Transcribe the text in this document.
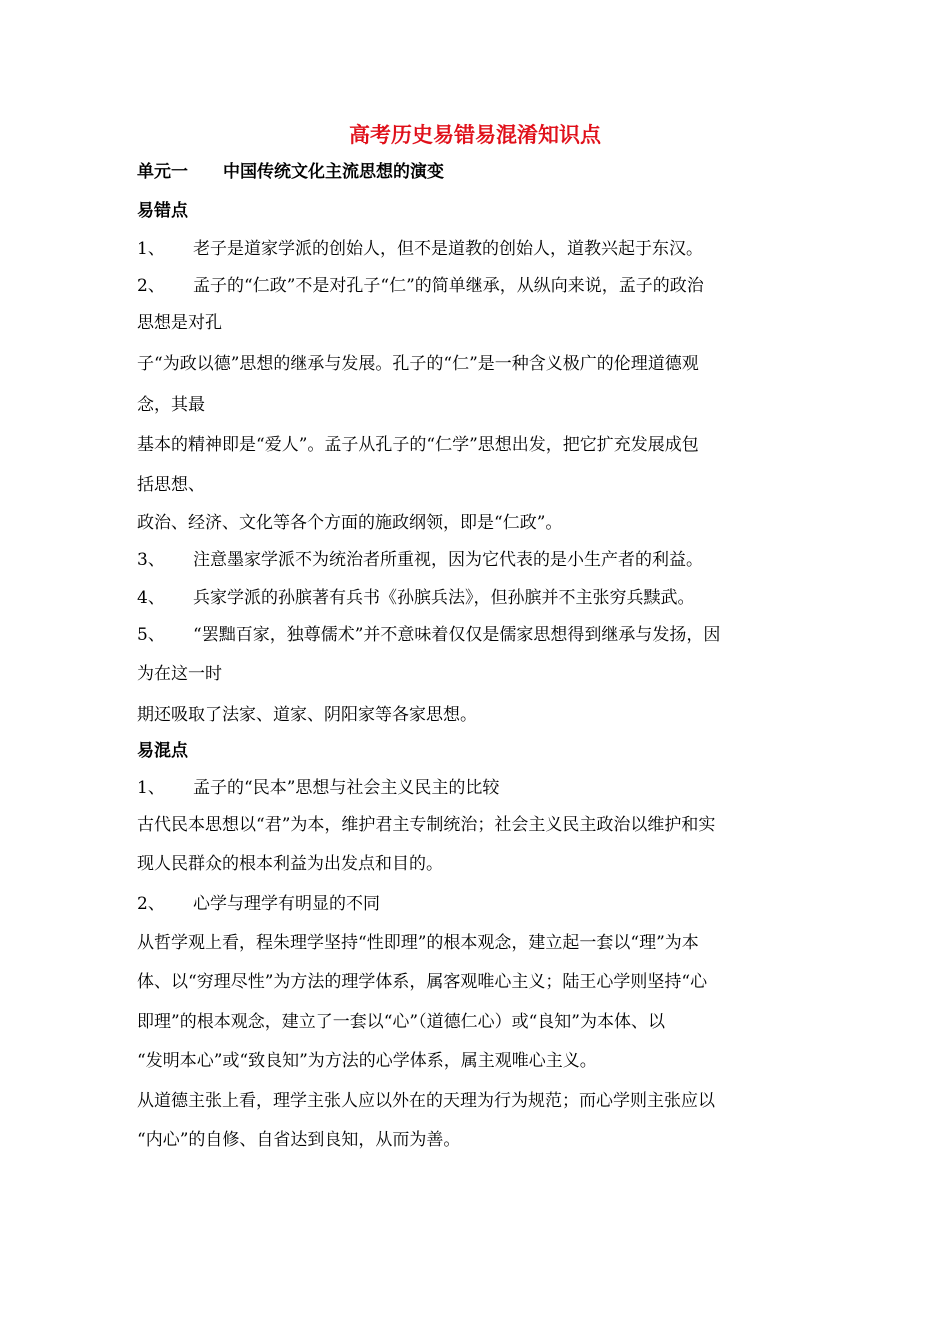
高考历史易错易混淆知识点
单元一 中国传统文化主流思想的演变
易错点
1、 老子是道家学派的创始人，但不是道教的创始人，道教兴起于东汉。
2、 孟子的“仁政”不是对孔子“仁”的简单继承，从纵向来说，孟子的政治
思想是对孔
子“为政以德”思想的继承与发展。孔子的“仁”是一种含义极广的伦理道德观
念，其最
基本的精神即是“爱人”。孟子从孔子的“仁学”思想出发，把它扩充发展成包
括思想、
政治、经济、文化等各个方面的施政纲领，即是“仁政”。
3、 注意墨家学派不为统治者所重视，因为它代表的是小生产者的利益。
4、 兵家学派的孙膑著有兵书《孙膑兵法》，但孙膑并不主张穷兵黩武。
5、 “罢黜百家，独尊儒术”并不意味着仅仅是儒家思想得到继承与发扬，因
为在这一时
期还吸取了法家、道家、阴阳家等各家思想。
易混点
1、 孟子的“民本”思想与社会主义民主的比较
古代民本思想以“君”为本，维护君主专制统治；社会主义民主政治以维护和实
现人民群众的根本利益为出发点和目的。
2、 心学与理学有明显的不同
从哲学观上看，程朱理学坚持“性即理”的根本观念，建立起一套以“理”为本
体、以“穷理尽性”为方法的理学体系，属客观唯心主义；陆王心学则坚持“心
即理”的根本观念，建立了一套以“心”（道德仁心）或“良知”为本体、以
“发明本心”或“致良知”为方法的心学体系，属主观唯心主义。
从道德主张上看，理学主张人应以外在的天理为行为规范；而心学则主张应以
“内心”的自修、自省达到良知，从而为善。
